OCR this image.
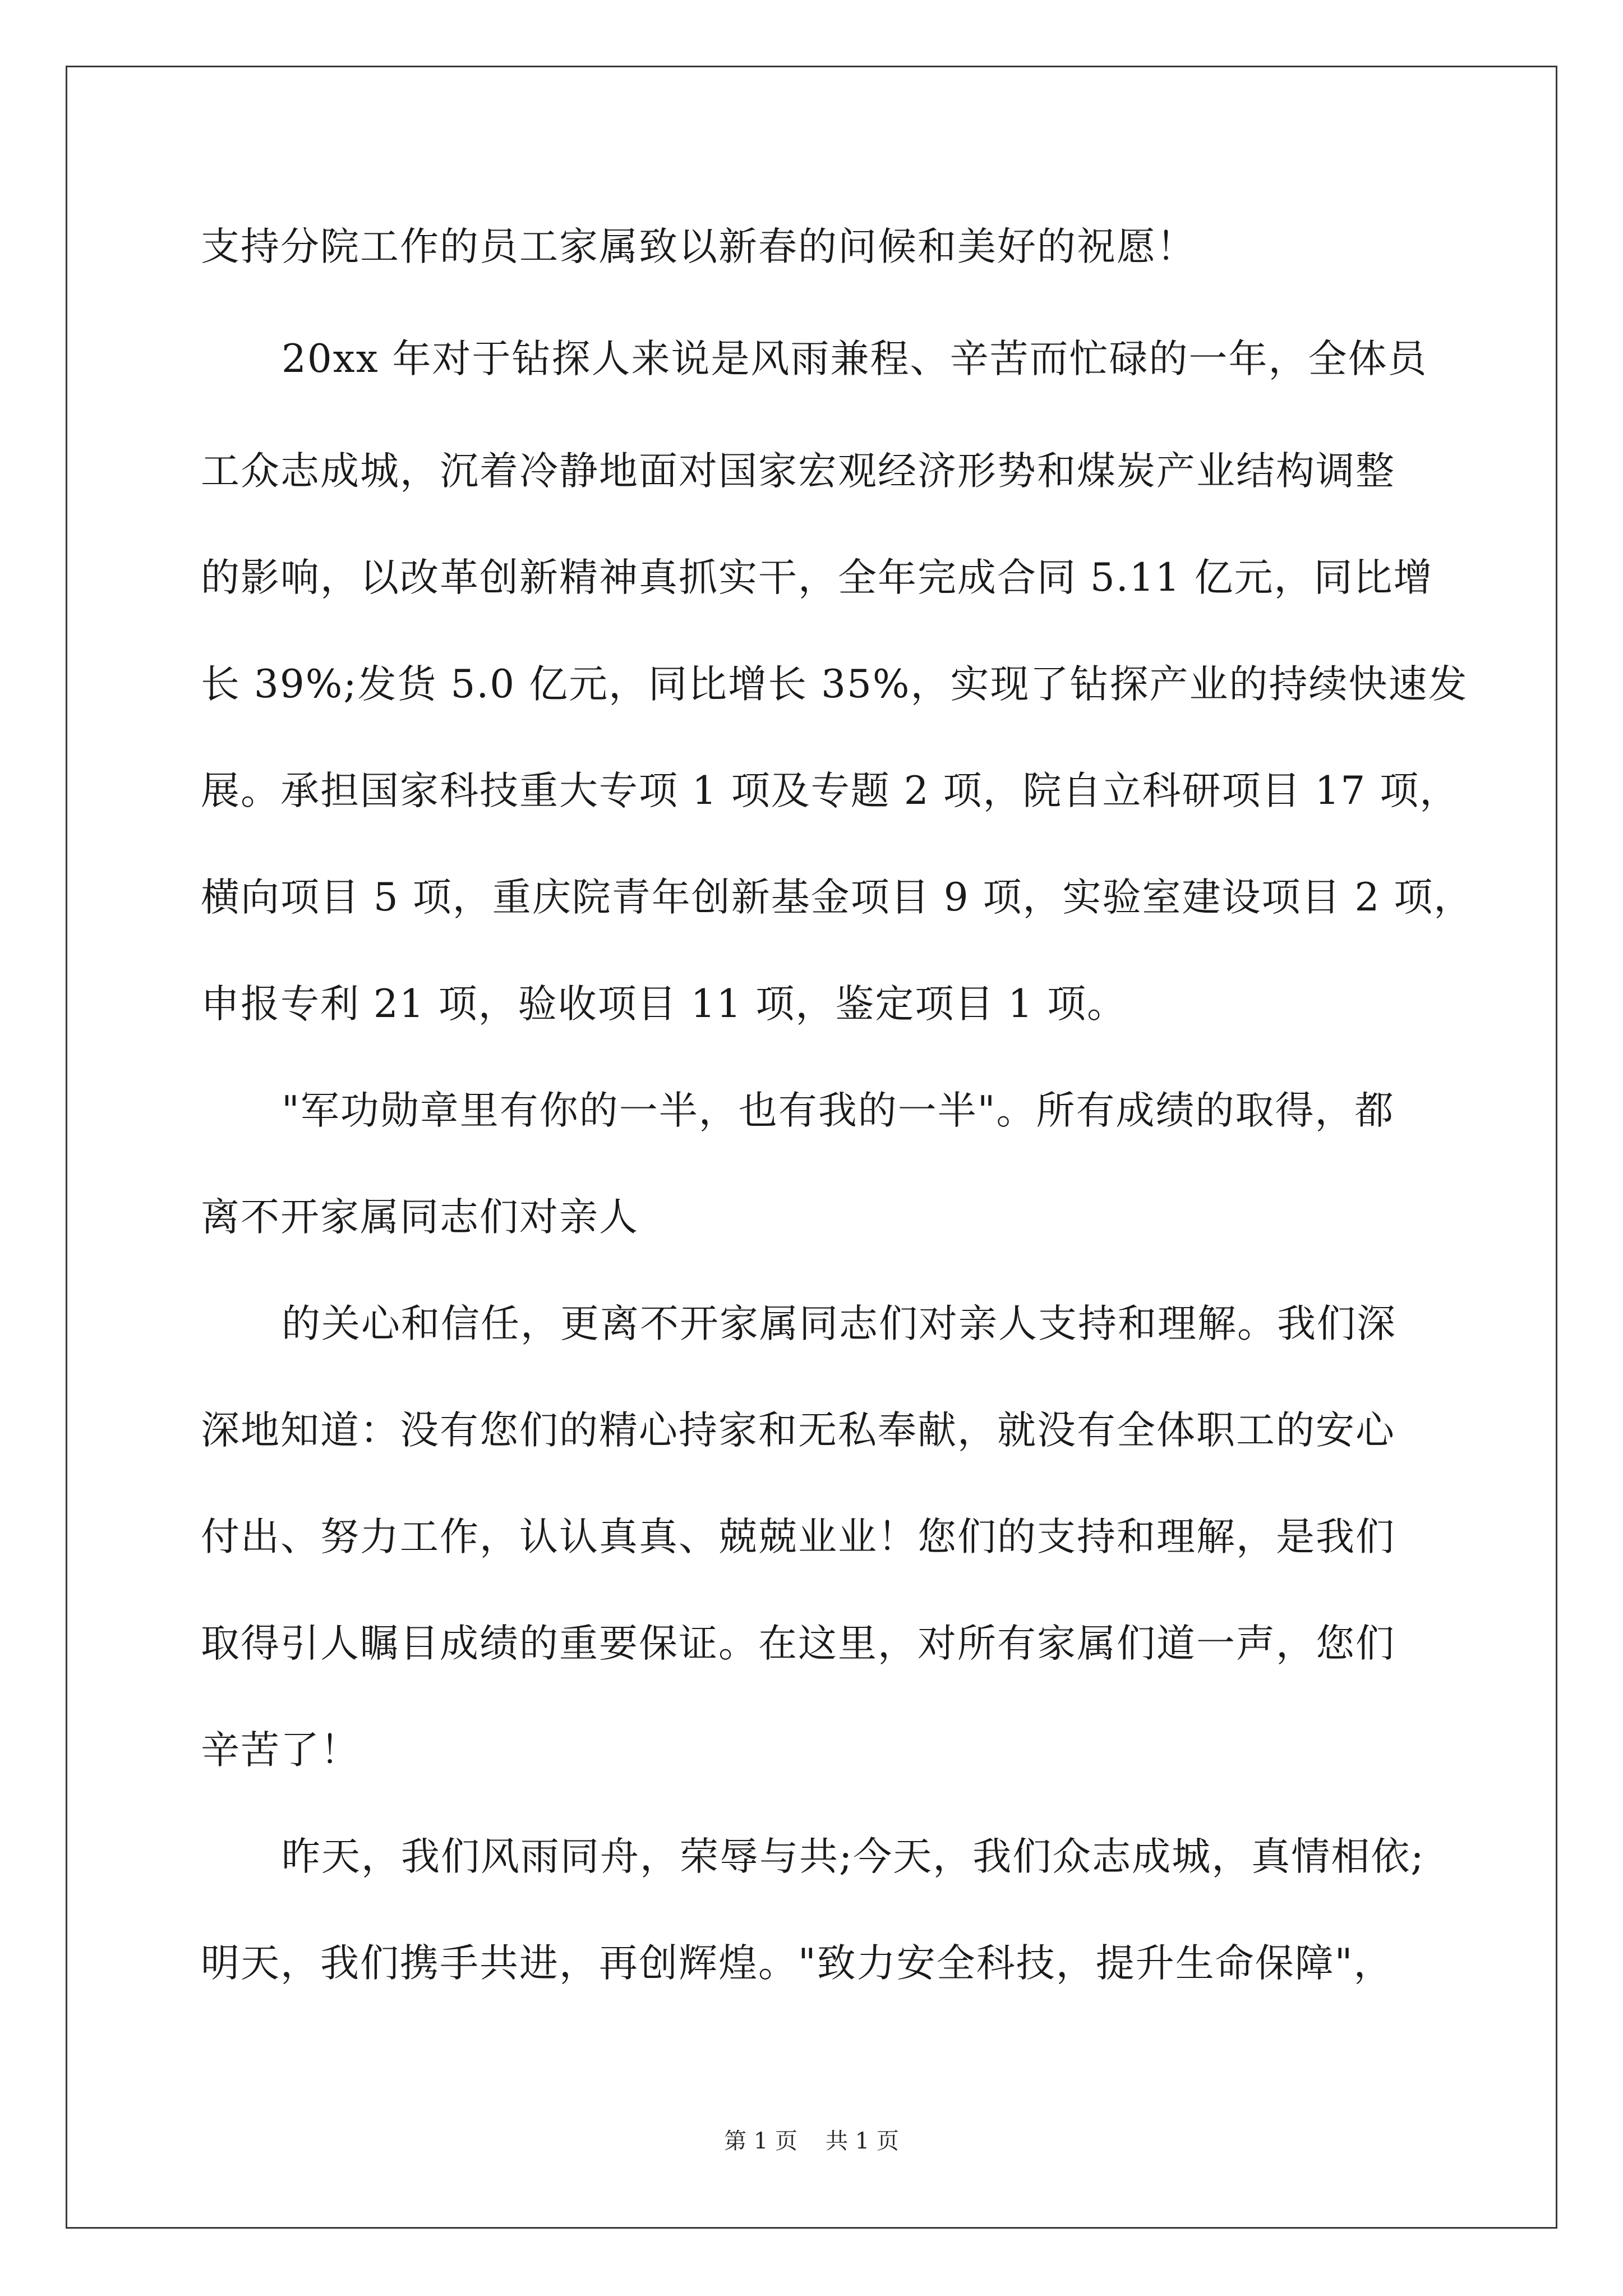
支持分院工作的员工家属致以新春的问候和美好的祝愿！
20xx 年对于钻探人来说是风雨兼程、辛苦而忙碌的一年，全体员
工众志成城，沉着冷静地面对国家宏观经济形势和煤炭产业结构调整
的影响，以改革创新精神真抓实干，全年完成合同 5.11 亿元，同比增
长 39%;发货 5.0 亿元，同比增长 35%，实现了钻探产业的持续快速发
展。承担国家科技重大专项 1 项及专题 2 项，院自立科研项目 17 项，
横向项目 5 项，重庆院青年创新基金项目 9 项，实验室建设项目 2 项，
申报专利 21 项，验收项目 11 项，鉴定项目 1 项。
"军功勋章里有你的一半，也有我的一半"。所有成绩的取得，都
离不开家属同志们对亲人
的关心和信任，更离不开家属同志们对亲人支持和理解。我们深
深地知道：没有您们的精心持家和无私奉献，就没有全体职工的安心
付出、努力工作，认认真真、兢兢业业！您们的支持和理解，是我们
取得引人瞩目成绩的重要保证。在这里，对所有家属们道一声，您们
辛苦了！
昨天，我们风雨同舟，荣辱与共;今天，我们众志成城，真情相依;
明天，我们携手共进，再创辉煌。"致力安全科技，提升生命保障"，
第 1 页 共 1 页
